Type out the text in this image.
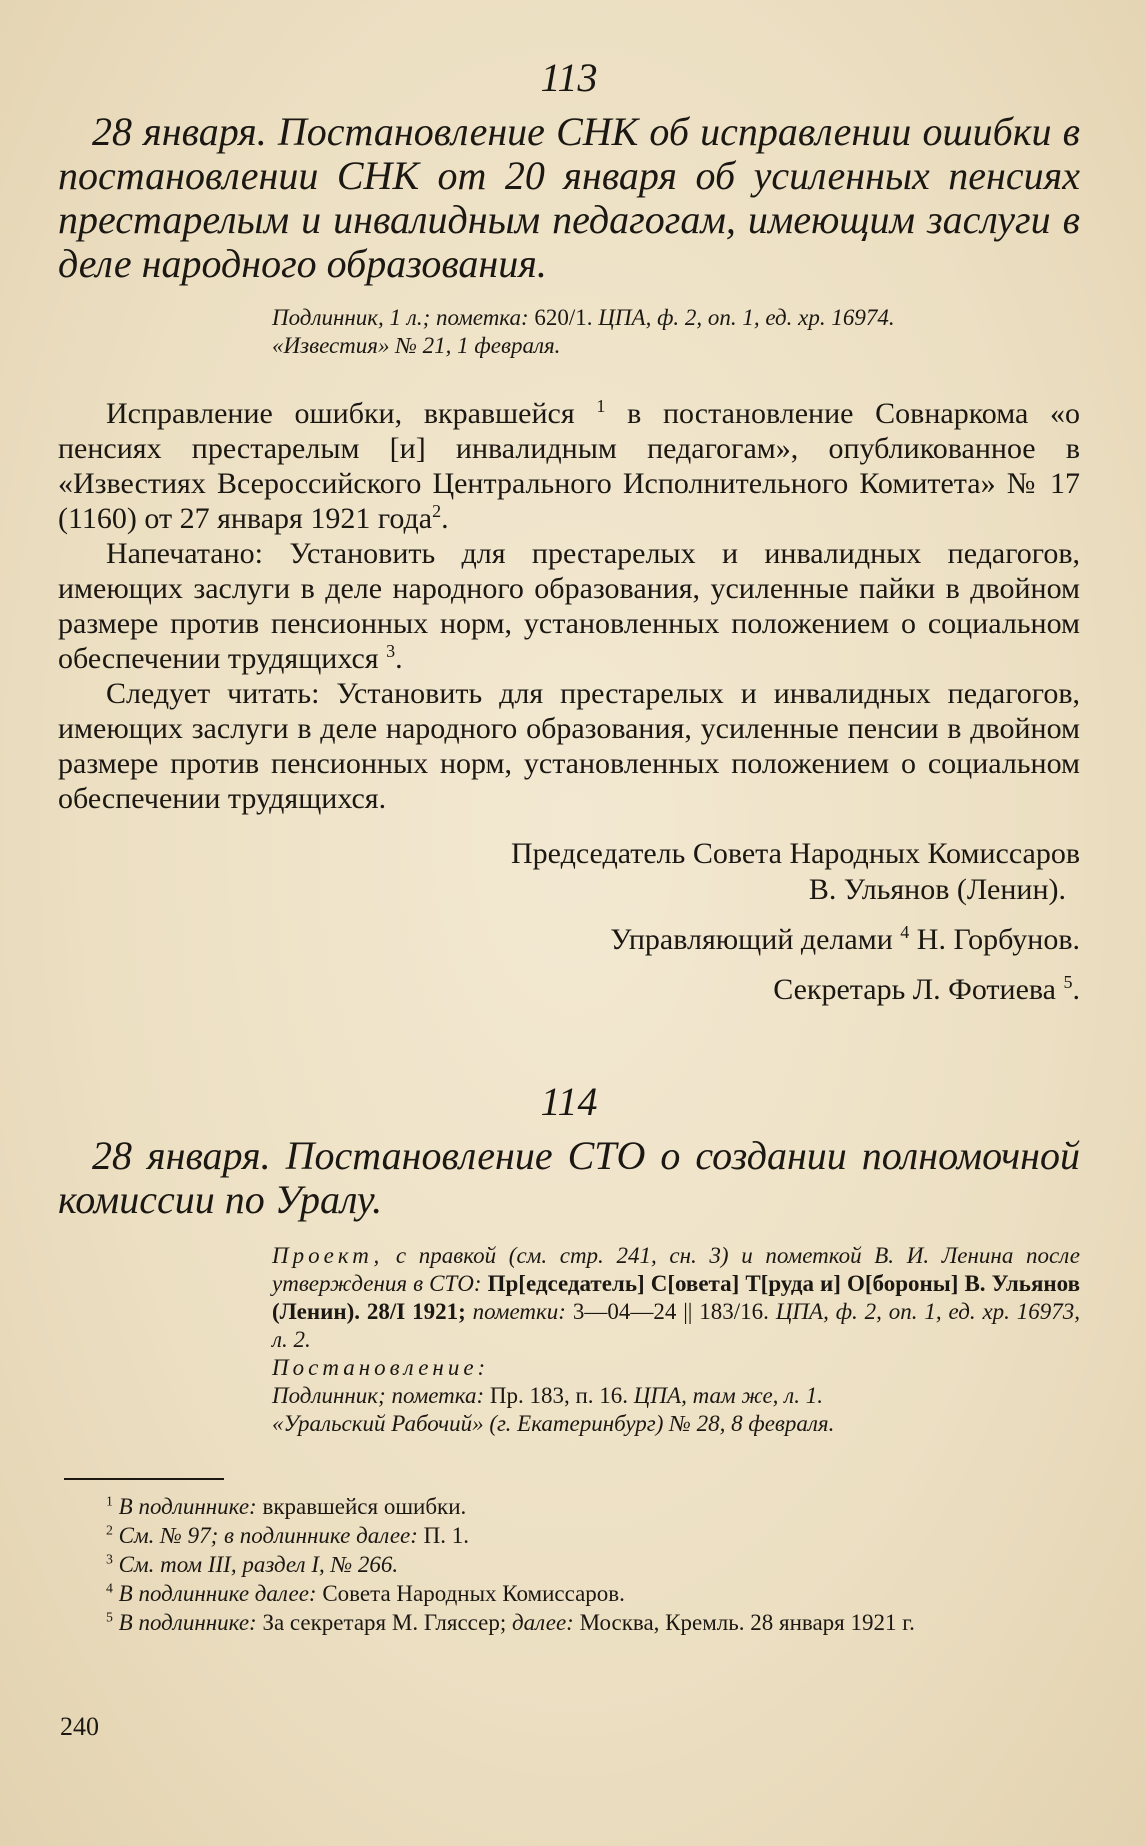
113

28 января. Постановление СНК об исправлении ошибки в постановлении СНК от 20 января об усиленных пенсиях престарелым и инвалидным педагогам, имеющим заслуги в деле народного образования.

Подлинник, 1 л.; пометка: 620/1. ЦПА, ф. 2, оп. 1, ед. хр. 16974.

«Известия» № 21, 1 февраля.

Исправление ошибки, вкравшейся $^1$ в постановление Совнаркома «о пенсиях престарелым [и] инвалидным педагогам», опубликованное в «Известиях Всероссийского Центрального Исполнительного Комитета» № 17 (1160) от 27 января 1921 года$^2$.

Напечатано: Установить для престарелых и инвалидных педагогов, имеющих заслуги в деле народного образования, усиленные пайки в двойном размере против пенсионных норм, установленных положением о социальном обеспечении трудящихся $^3$.

Следует читать: Установить для престарелых и инвалидных педагогов, имеющих заслуги в деле народного образования, усиленные пенсии в двойном размере против пенсионных норм, установленных положением о социальном обеспечении трудящихся.

Председатель Совета Народных Комиссаров

В. Ульянов (Ленин).

Управляющий делами $^4$ Н. Горбунов.

Секретарь Л. Фотиева $^5$.

114

28 января. Постановление СТО о создании полномочной комиссии по Уралу.

Проект, с правкой (см. стр. 241, сн. 3) и пометкой В. И. Ленина после утверждения в СТО: Пр[едседатель] С[овета] Т[руда и] О[бороны] В. Ульянов (Ленин). 28/I 1921; пометки: 3—04—24 || 183/16. ЦПА, ф. 2, оп. 1, ед. хр. 16973, л. 2.

Постановление:

Подлинник; пометка: Пр. 183, п. 16. ЦПА, там же, л. 1.

«Уральский Рабочий» (г. Екатеринбург) № 28, 8 февраля.

$^1$ В подлиннике: вкравшейся ошибки.

$^2$ См. № 97; в подлиннике далее: П. 1.

$^3$ См. том III, раздел I, № 266.

$^4$ В подлиннике далее: Совета Народных Комиссаров.

$^5$ В подлиннике: За секретаря М. Гляссер; далее: Москва, Кремль. 28 января 1921 г.

240
